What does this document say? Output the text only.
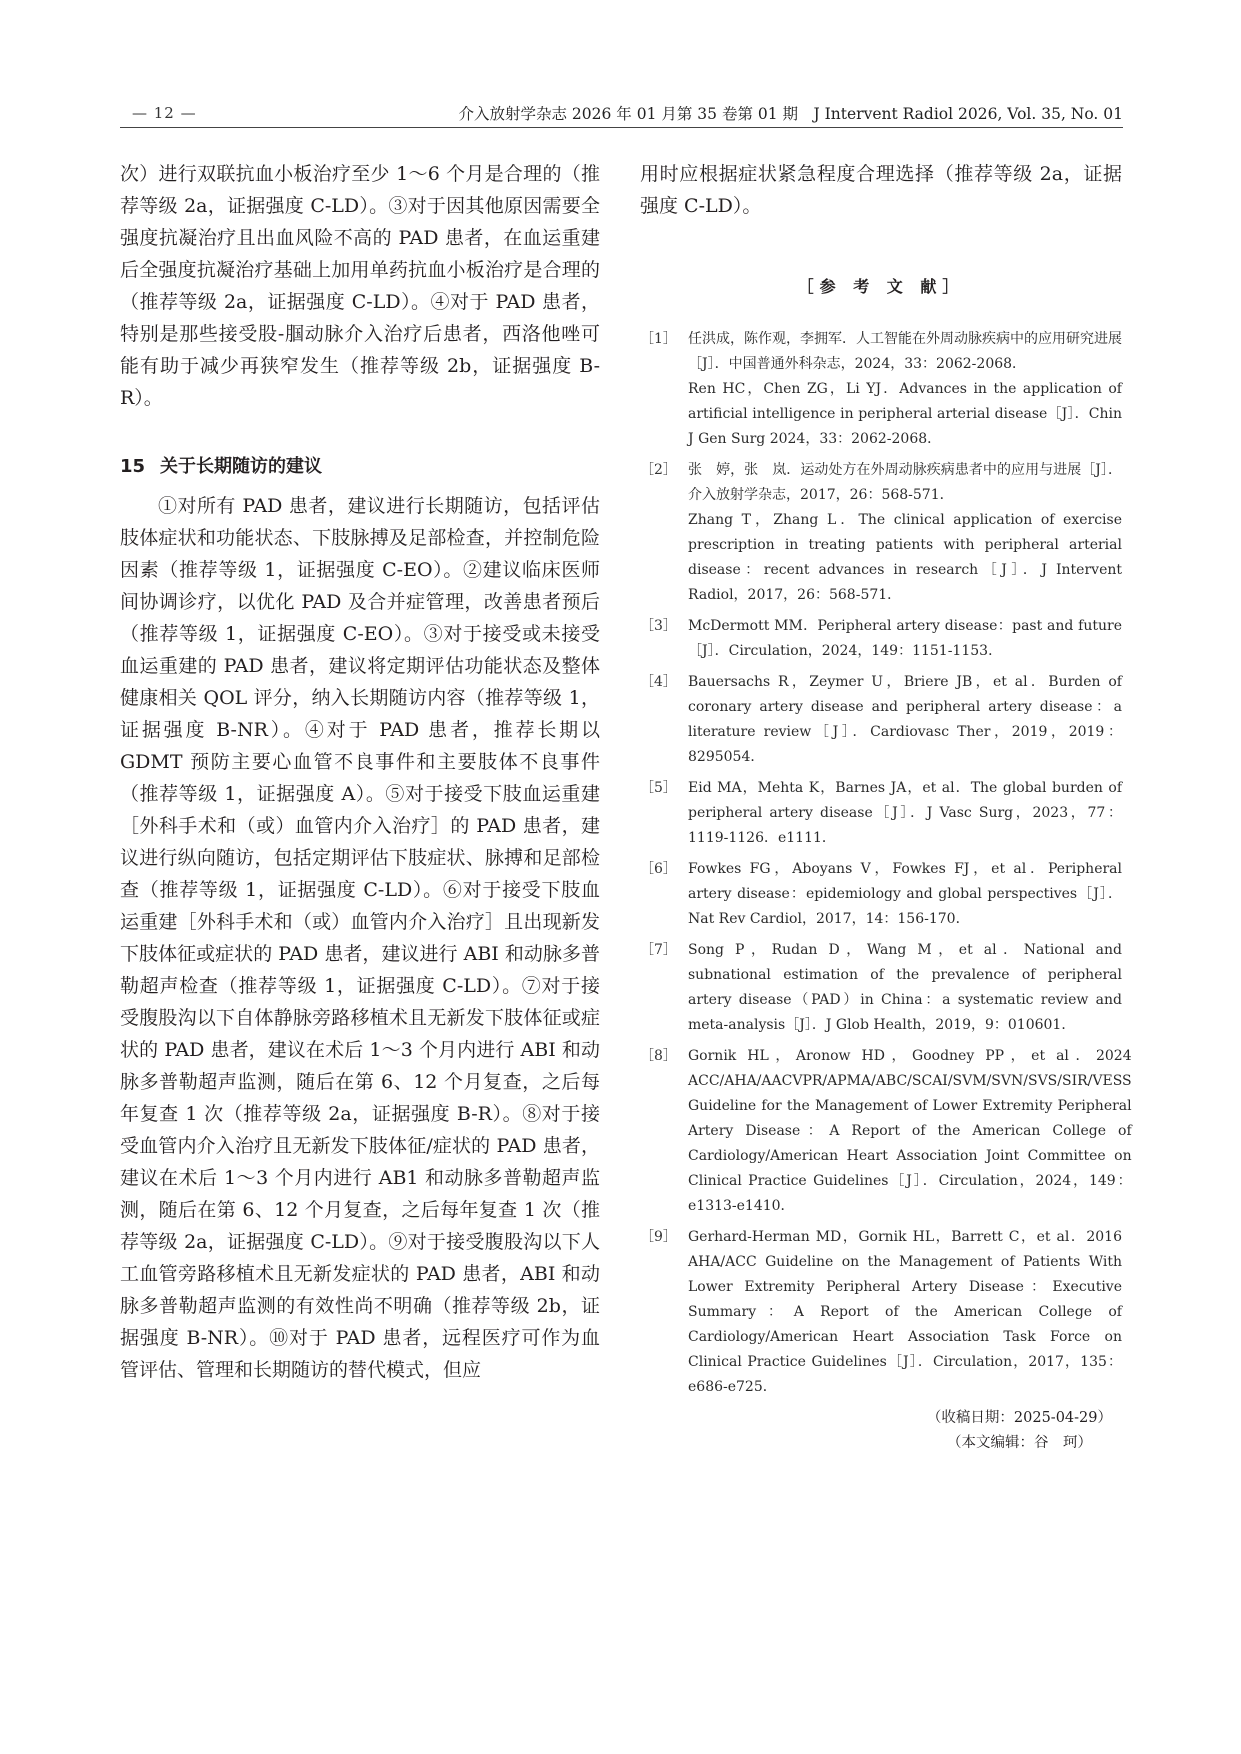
— 12 —	介入放射学杂志 2026 年 01 月第 35 卷第 01 期　J Intervent Radiol 2026, Vol. 35, No. 01

次）进行双联抗血小板治疗至少 1～6 个月是合理的（推荐等级 2a，证据强度 C-LD）。③对于因其他原因需要全强度抗凝治疗且出血风险不高的 PAD 患者，在血运重建后全强度抗凝治疗基础上加用单药抗血小板治疗是合理的（推荐等级 2a，证据强度 C-LD）。④对于 PAD 患者，特别是那些接受股-腘动脉介入治疗后患者，西洛他唑可能有助于减少再狭窄发生（推荐等级 2b，证据强度 B-R）。

15 关于长期随访的建议

①对所有 PAD 患者，建议进行长期随访，包括评估肢体症状和功能状态、下肢脉搏及足部检查，并控制危险因素（推荐等级 1，证据强度 C-EO）。②建议临床医师间协调诊疗，以优化 PAD 及合并症管理，改善患者预后（推荐等级 1，证据强度 C-EO）。③对于接受或未接受血运重建的 PAD 患者，建议将定期评估功能状态及整体健康相关 QOL 评分，纳入长期随访内容（推荐等级 1，证据强度 B-NR）。④对于 PAD 患者，推荐长期以 GDMT 预防主要心血管不良事件和主要肢体不良事件（推荐等级 1，证据强度 A）。⑤对于接受下肢血运重建［外科手术和（或）血管内介入治疗］的 PAD 患者，建议进行纵向随访，包括定期评估下肢症状、脉搏和足部检查（推荐等级 1，证据强度 C-LD）。⑥对于接受下肢血运重建［外科手术和（或）血管内介入治疗］且出现新发下肢体征或症状的 PAD 患者，建议进行 ABI 和动脉多普勒超声检查（推荐等级 1，证据强度 C-LD）。⑦对于接受腹股沟以下自体静脉旁路移植术且无新发下肢体征或症状的 PAD 患者，建议在术后 1～3 个月内进行 ABI 和动脉多普勒超声监测，随后在第 6、12 个月复查，之后每年复查 1 次（推荐等级 2a，证据强度 B-R）。⑧对于接受血管内介入治疗且无新发下肢体征/症状的 PAD 患者，建议在术后 1～3 个月内进行 AB1 和动脉多普勒超声监测，随后在第 6、12 个月复查，之后每年复查 1 次（推荐等级 2a，证据强度 C-LD）。⑨对于接受腹股沟以下人工血管旁路移植术且无新发症状的 PAD 患者，ABI 和动脉多普勒超声监测的有效性尚不明确（推荐等级 2b，证据强度 B-NR）。⑩对于 PAD 患者，远程医疗可作为血管评估、管理和长期随访的替代模式，但应

用时应根据症状紧急程度合理选择（推荐等级 2a，证据强度 C-LD）。

［参 考 文 献］
［1］ 任洪成，陈作观，李拥军．人工智能在外周动脉疾病中的应用研究进展［J］．中国普通外科杂志，2024，33：2062-2068．
Ren HC，Chen ZG，Li YJ．Advances in the application of artificial intelligence in peripheral arterial disease［J］．Chin J Gen Surg 2024，33：2062-2068．
［2］ 张　婷，张　岚．运动处方在外周动脉疾病患者中的应用与进展［J］．介入放射学杂志，2017，26：568-571．
Zhang T，Zhang L．The clinical application of exercise prescription in treating patients with peripheral arterial disease：recent advances in research［J］．J Intervent Radiol，2017，26：568-571．
［3］ McDermott MM．Peripheral artery disease：past and future［J］．Circulation，2024，149：1151-1153．
［4］ Bauersachs R，Zeymer U，Briere JB，et al．Burden of coronary artery disease and peripheral artery disease：a literature review［J］．Cardiovasc Ther，2019，2019：8295054．
［5］ Eid MA，Mehta K，Barnes JA，et al．The global burden of peripheral artery disease［J］．J Vasc Surg，2023，77：1119-1126．e1111．
［6］ Fowkes FG，Aboyans V，Fowkes FJ，et al．Peripheral artery disease：epidemiology and global perspectives［J］．Nat Rev Cardiol，2017，14：156-170．
［7］ Song P，Rudan D，Wang M，et al．National and subnational estimation of the prevalence of peripheral artery disease（PAD）in China：a systematic review and meta-analysis［J］．J Glob Health，2019，9：010601．
［8］ Gornik HL，Aronow HD，Goodney PP，et al．2024 ACC/AHA/AACVPR/APMA/ABC/SCAI/SVM/SVN/SVS/SIR/VESS Guideline for the Management of Lower Extremity Peripheral Artery Disease：A Report of the American College of Cardiology/American Heart Association Joint Committee on Clinical Practice Guidelines［J］．Circulation，2024，149：e1313-e1410．
［9］ Gerhard-Herman MD，Gornik HL，Barrett C，et al．2016 AHA/ACC Guideline on the Management of Patients With Lower Extremity Peripheral Artery Disease：Executive Summary：A Report of the American College of Cardiology/American Heart Association Task Force on Clinical Practice Guidelines［J］．Circulation，2017，135：e686-e725．
（收稿日期：2025-04-29）
（本文编辑：谷　珂）
